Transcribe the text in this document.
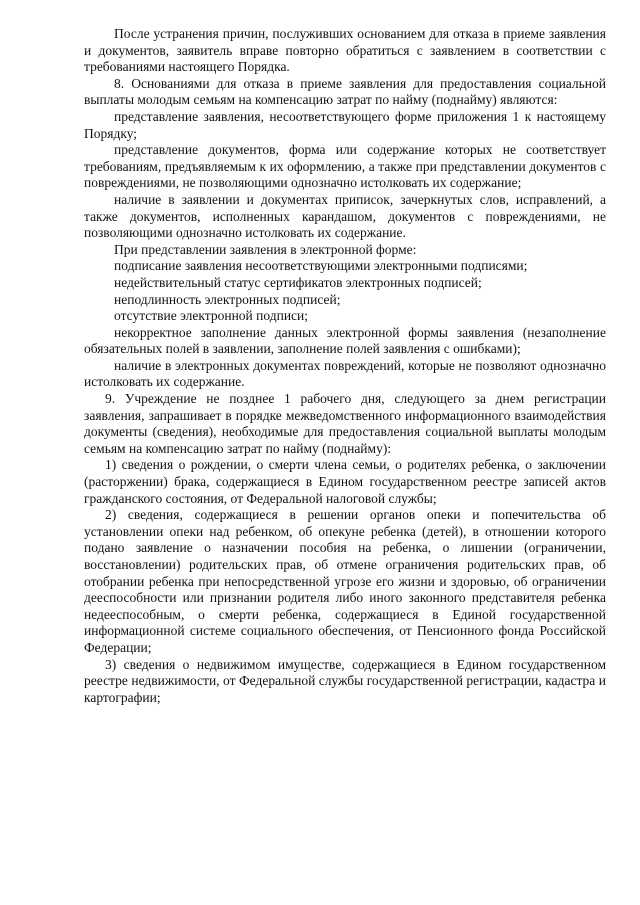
После устранения причин, послуживших основанием для отказа в приеме заявления и документов, заявитель вправе повторно обратиться с заявлением в соответствии с требованиями настоящего Порядка.

8. Основаниями для отказа в приеме заявления для предоставления социальной выплаты молодым семьям на компенсацию затрат по найму (поднайму) являются:

представление заявления, несоответствующего форме приложения 1 к настоящему Порядку;

представление документов, форма или содержание которых не соответствует требованиям, предъявляемым к их оформлению, а также при представлении документов с повреждениями, не позволяющими однозначно истолковать их содержание;

наличие в заявлении и документах приписок, зачеркнутых слов, исправлений, а также документов, исполненных карандашом, документов с повреждениями, не позволяющими однозначно истолковать их содержание.

При представлении заявления в электронной форме:

подписание заявления несоответствующими электронными подписями;

недействительный статус сертификатов электронных подписей;

неподлинность электронных подписей;

отсутствие электронной подписи;

некорректное заполнение данных электронной формы заявления (незаполнение обязательных полей в заявлении, заполнение полей заявления с ошибками);

наличие в электронных документах повреждений, которые не позволяют однозначно истолковать их содержание.

9. Учреждение не позднее 1 рабочего дня, следующего за днем регистрации заявления, запрашивает в порядке межведомственного информационного взаимодействия документы (сведения), необходимые для предоставления социальной выплаты молодым семьям на компенсацию затрат по найму (поднайму):

1) сведения о рождении, о смерти члена семьи, о родителях ребенка, о заключении (расторжении) брака, содержащиеся в Едином государственном реестре записей актов гражданского состояния, от Федеральной налоговой службы;

2) сведения, содержащиеся в решении органов опеки и попечительства об установлении опеки над ребенком, об опекуне ребенка (детей), в отношении которого подано заявление о назначении пособия на ребенка, о лишении (ограничении, восстановлении) родительских прав, об отмене ограничения родительских прав, об отобрании ребенка при непосредственной угрозе его жизни и здоровью, об ограничении дееспособности или признании родителя либо иного законного представителя ребенка недееспособным, о смерти ребенка, содержащиеся в Единой государственной информационной системе социального обеспечения, от Пенсионного фонда Российской Федерации;

3) сведения о недвижимом имуществе, содержащиеся в Едином государственном реестре недвижимости, от Федеральной службы государственной регистрации, кадастра и картографии;
